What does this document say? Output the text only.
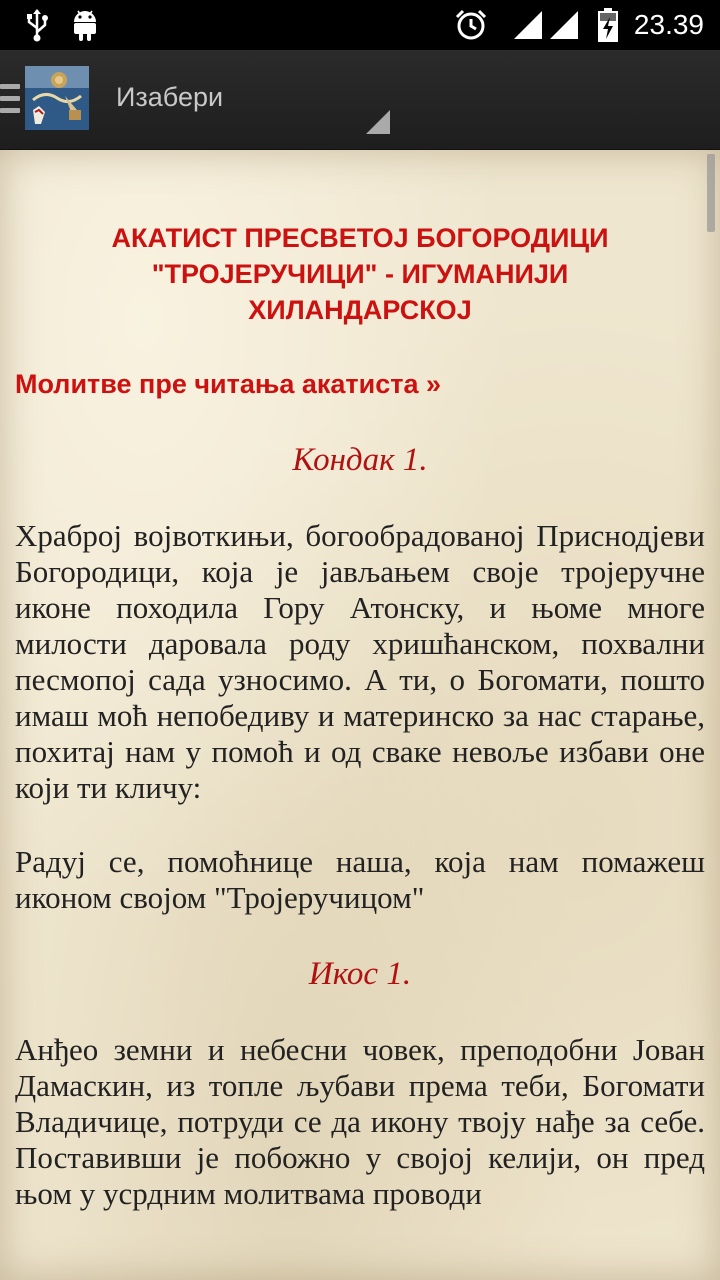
23.39
Изабери
АКАТИСТ ПРЕСВЕТОЈ БОГОРОДИЦИ "ТРОЈЕРУЧИЦИ" - ИГУМАНИЈИ ХИЛАНДАРСКОЈ
Молитве пре читања акатиста »
Кондак 1.
Храброј војвоткињи, богообрадованој Приснодјеви Богородици, која је јављањем своје тројеручне иконе походила Гору Атонску, и њоме многе милости даровала роду хришћанском, похвални песмопој сада узносимо. А ти, о Богомати, пошто имаш моћ непобедиву и материнско за нас старање, похитај нам у помоћ и од сваке невоље избави оне који ти кличу:
Радуј се, помоћнице наша, која нам помажеш иконом својом "Тројеручицом"
Икос 1.
Анђео земни и небесни човек, преподобни Јован Дамаскин, из топле љубави према теби, Богомати Владичице, потруди се да икону твоју нађе за себе. Поставивши је побожно у својој келији, он пред њом у усрдним молитвама проводи
